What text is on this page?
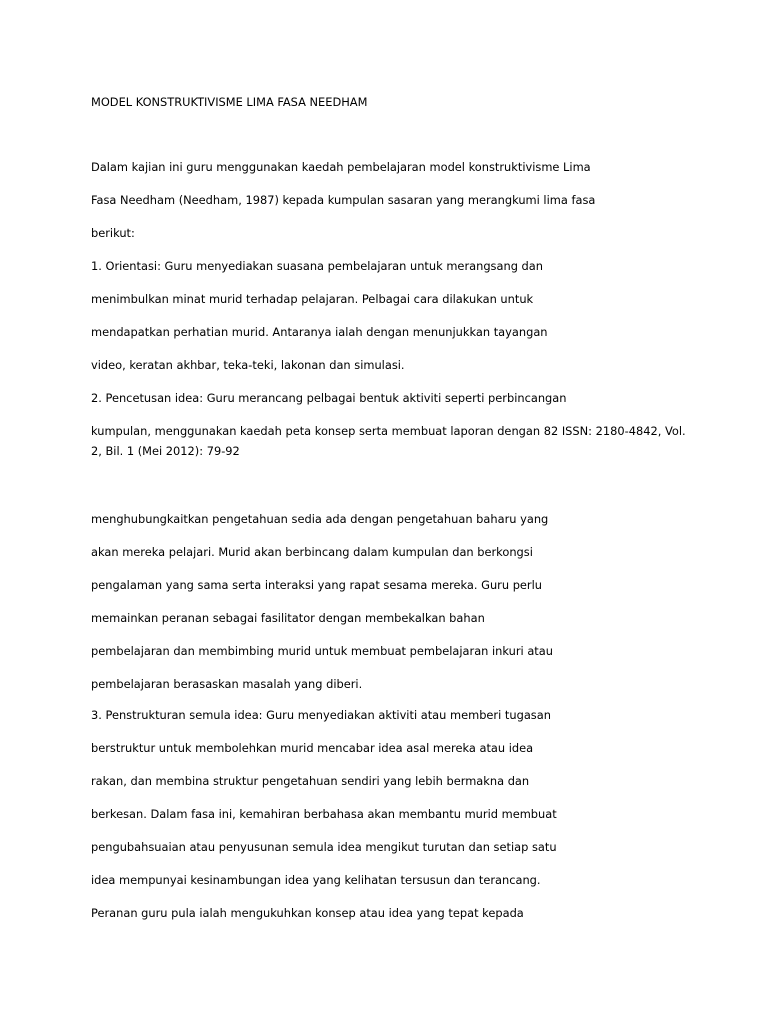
MODEL KONSTRUKTIVISME LIMA FASA NEEDHAM
Dalam kajian ini guru menggunakan kaedah pembelajaran model konstruktivisme Lima
Fasa Needham (Needham, 1987) kepada kumpulan sasaran yang merangkumi lima fasa
berikut:
1. Orientasi: Guru menyediakan suasana pembelajaran untuk merangsang dan
menimbulkan minat murid terhadap pelajaran. Pelbagai cara dilakukan untuk
mendapatkan perhatian murid. Antaranya ialah dengan menunjukkan tayangan
video, keratan akhbar, teka-teki, lakonan dan simulasi.
2. Pencetusan idea: Guru merancang pelbagai bentuk aktiviti seperti perbincangan
kumpulan, menggunakan kaedah peta konsep serta membuat laporan dengan 82 ISSN: 2180-4842, Vol.
2, Bil. 1 (Mei 2012): 79-92
menghubungkaitkan pengetahuan sedia ada dengan pengetahuan baharu yang
akan mereka pelajari. Murid akan berbincang dalam kumpulan dan berkongsi
pengalaman yang sama serta interaksi yang rapat sesama mereka. Guru perlu
memainkan peranan sebagai fasilitator dengan membekalkan bahan
pembelajaran dan membimbing murid untuk membuat pembelajaran inkuri atau
pembelajaran berasaskan masalah yang diberi.
3. Penstrukturan semula idea: Guru menyediakan aktiviti atau memberi tugasan
berstruktur untuk membolehkan murid mencabar idea asal mereka atau idea
rakan, dan membina struktur pengetahuan sendiri yang lebih bermakna dan
berkesan. Dalam fasa ini, kemahiran berbahasa akan membantu murid membuat
pengubahsuaian atau penyusunan semula idea mengikut turutan dan setiap satu
idea mempunyai kesinambungan idea yang kelihatan tersusun dan terancang.
Peranan guru pula ialah mengukuhkan konsep atau idea yang tepat kepada
